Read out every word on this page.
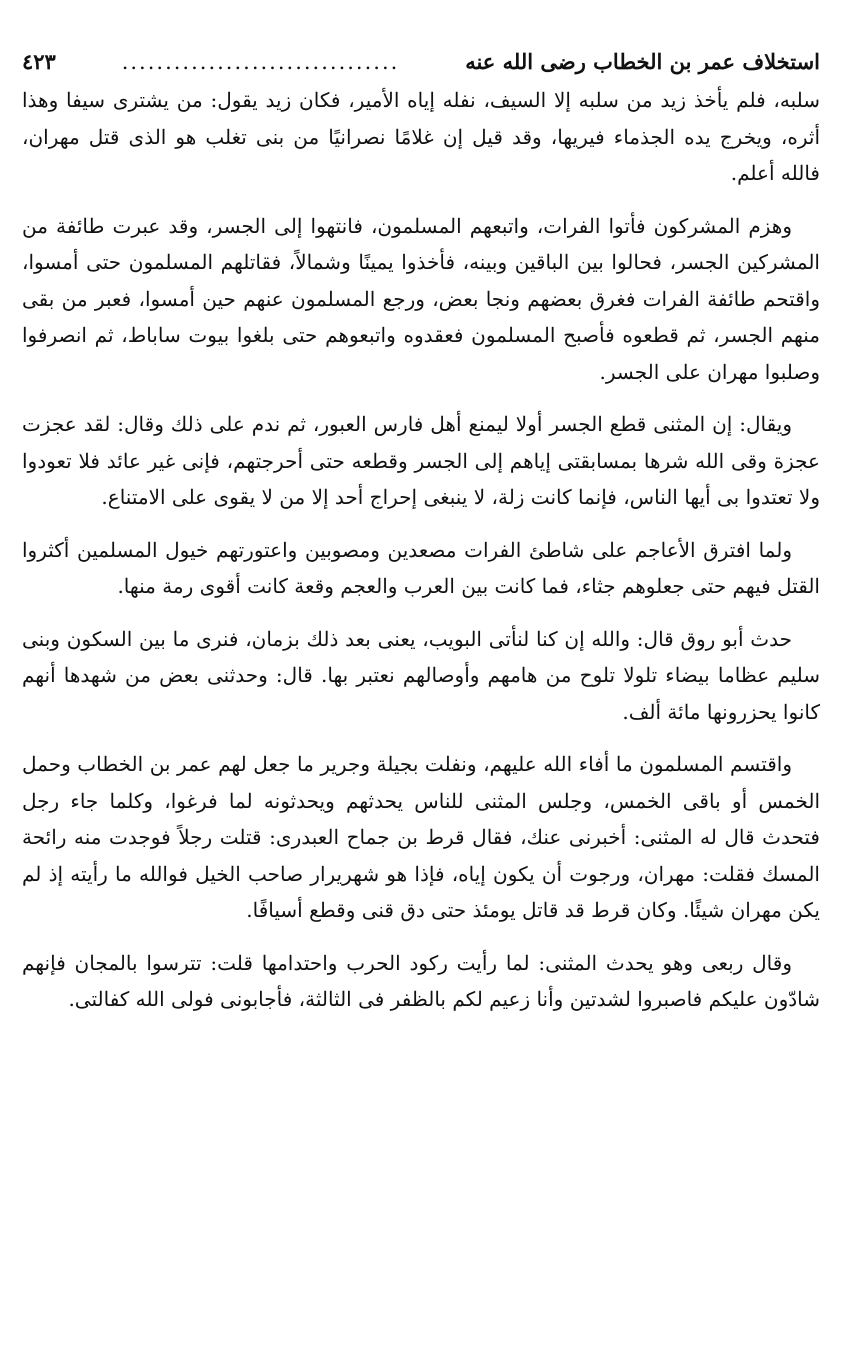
استخلاف عمر بن الخطاب رضى الله عنه
................................
٤٢٣

سلبه، فلم يأخذ زيد من سلبه إلا السيف، نفله إياه الأمير، فكان زيد يقول: من يشترى سيفا وهذا أثره، ويخرج يده الجذماء فيريها، وقد قيل إن غلامًا نصرانيًا من بنى تغلب هو الذى قتل مهران، فالله أعلم.

وهزم المشركون فأتوا الفرات، واتبعهم المسلمون، فانتهوا إلى الجسر، وقد عبرت طائفة من المشركين الجسر، فحالوا بين الباقين وبينه، فأخذوا يمينًا وشمالاً، فقاتلهم المسلمون حتى أمسوا، واقتحم طائفة الفرات فغرق بعضهم ونجا بعض، ورجع المسلمون عنهم حين أمسوا، فعبر من بقى منهم الجسر، ثم قطعوه فأصبح المسلمون فعقدوه واتبعوهم حتى بلغوا بيوت ساباط، ثم انصرفوا وصلبوا مهران على الجسر.

ويقال: إن المثنى قطع الجسر أولا ليمنع أهل فارس العبور، ثم ندم على ذلك وقال: لقد عجزت عجزة وقى الله شرها بمسابقتى إياهم إلى الجسر وقطعه حتى أحرجتهم، فإنى غير عائد فلا تعودوا ولا تعتدوا بى أيها الناس، فإنما كانت زلة، لا ينبغى إحراج أحد إلا من لا يقوى على الامتناع.

ولما افترق الأعاجم على شاطئ الفرات مصعدين ومصوبين واعتورتهم خيول المسلمين أكثروا القتل فيهم حتى جعلوهم جثاء، فما كانت بين العرب والعجم وقعة كانت أقوى رمة منها.

حدث أبو روق قال: والله إن كنا لنأتى البويب، يعنى بعد ذلك بزمان، فنرى ما بين السكون وبنى سليم عظاما بيضاء تلولا تلوح من هامهم وأوصالهم نعتبر بها. قال: وحدثنى بعض من شهدها أنهم كانوا يحزرونها مائة ألف.

واقتسم المسلمون ما أفاء الله عليهم، ونفلت بجيلة وجرير ما جعل لهم عمر بن الخطاب وحمل الخمس أو باقى الخمس، وجلس المثنى للناس يحدثهم ويحدثونه لما فرغوا، وكلما جاء رجل فتحدث قال له المثنى: أخبرنى عنك، فقال قرط بن جماح العبدرى: قتلت رجلاً فوجدت منه رائحة المسك فقلت: مهران، ورجوت أن يكون إياه، فإذا هو شهريرار صاحب الخيل فوالله ما رأيته إذ لم يكن مهران شيئًا. وكان قرط قد قاتل يومئذ حتى دق قنى وقطع أسيافًا.

وقال ربعى وهو يحدث المثنى: لما رأيت ركود الحرب واحتدامها قلت: تترسوا بالمجان فإنهم شادّون عليكم فاصبروا لشدتين وأنا زعيم لكم بالظفر فى الثالثة، فأجابونى فولى الله كفالتى.
